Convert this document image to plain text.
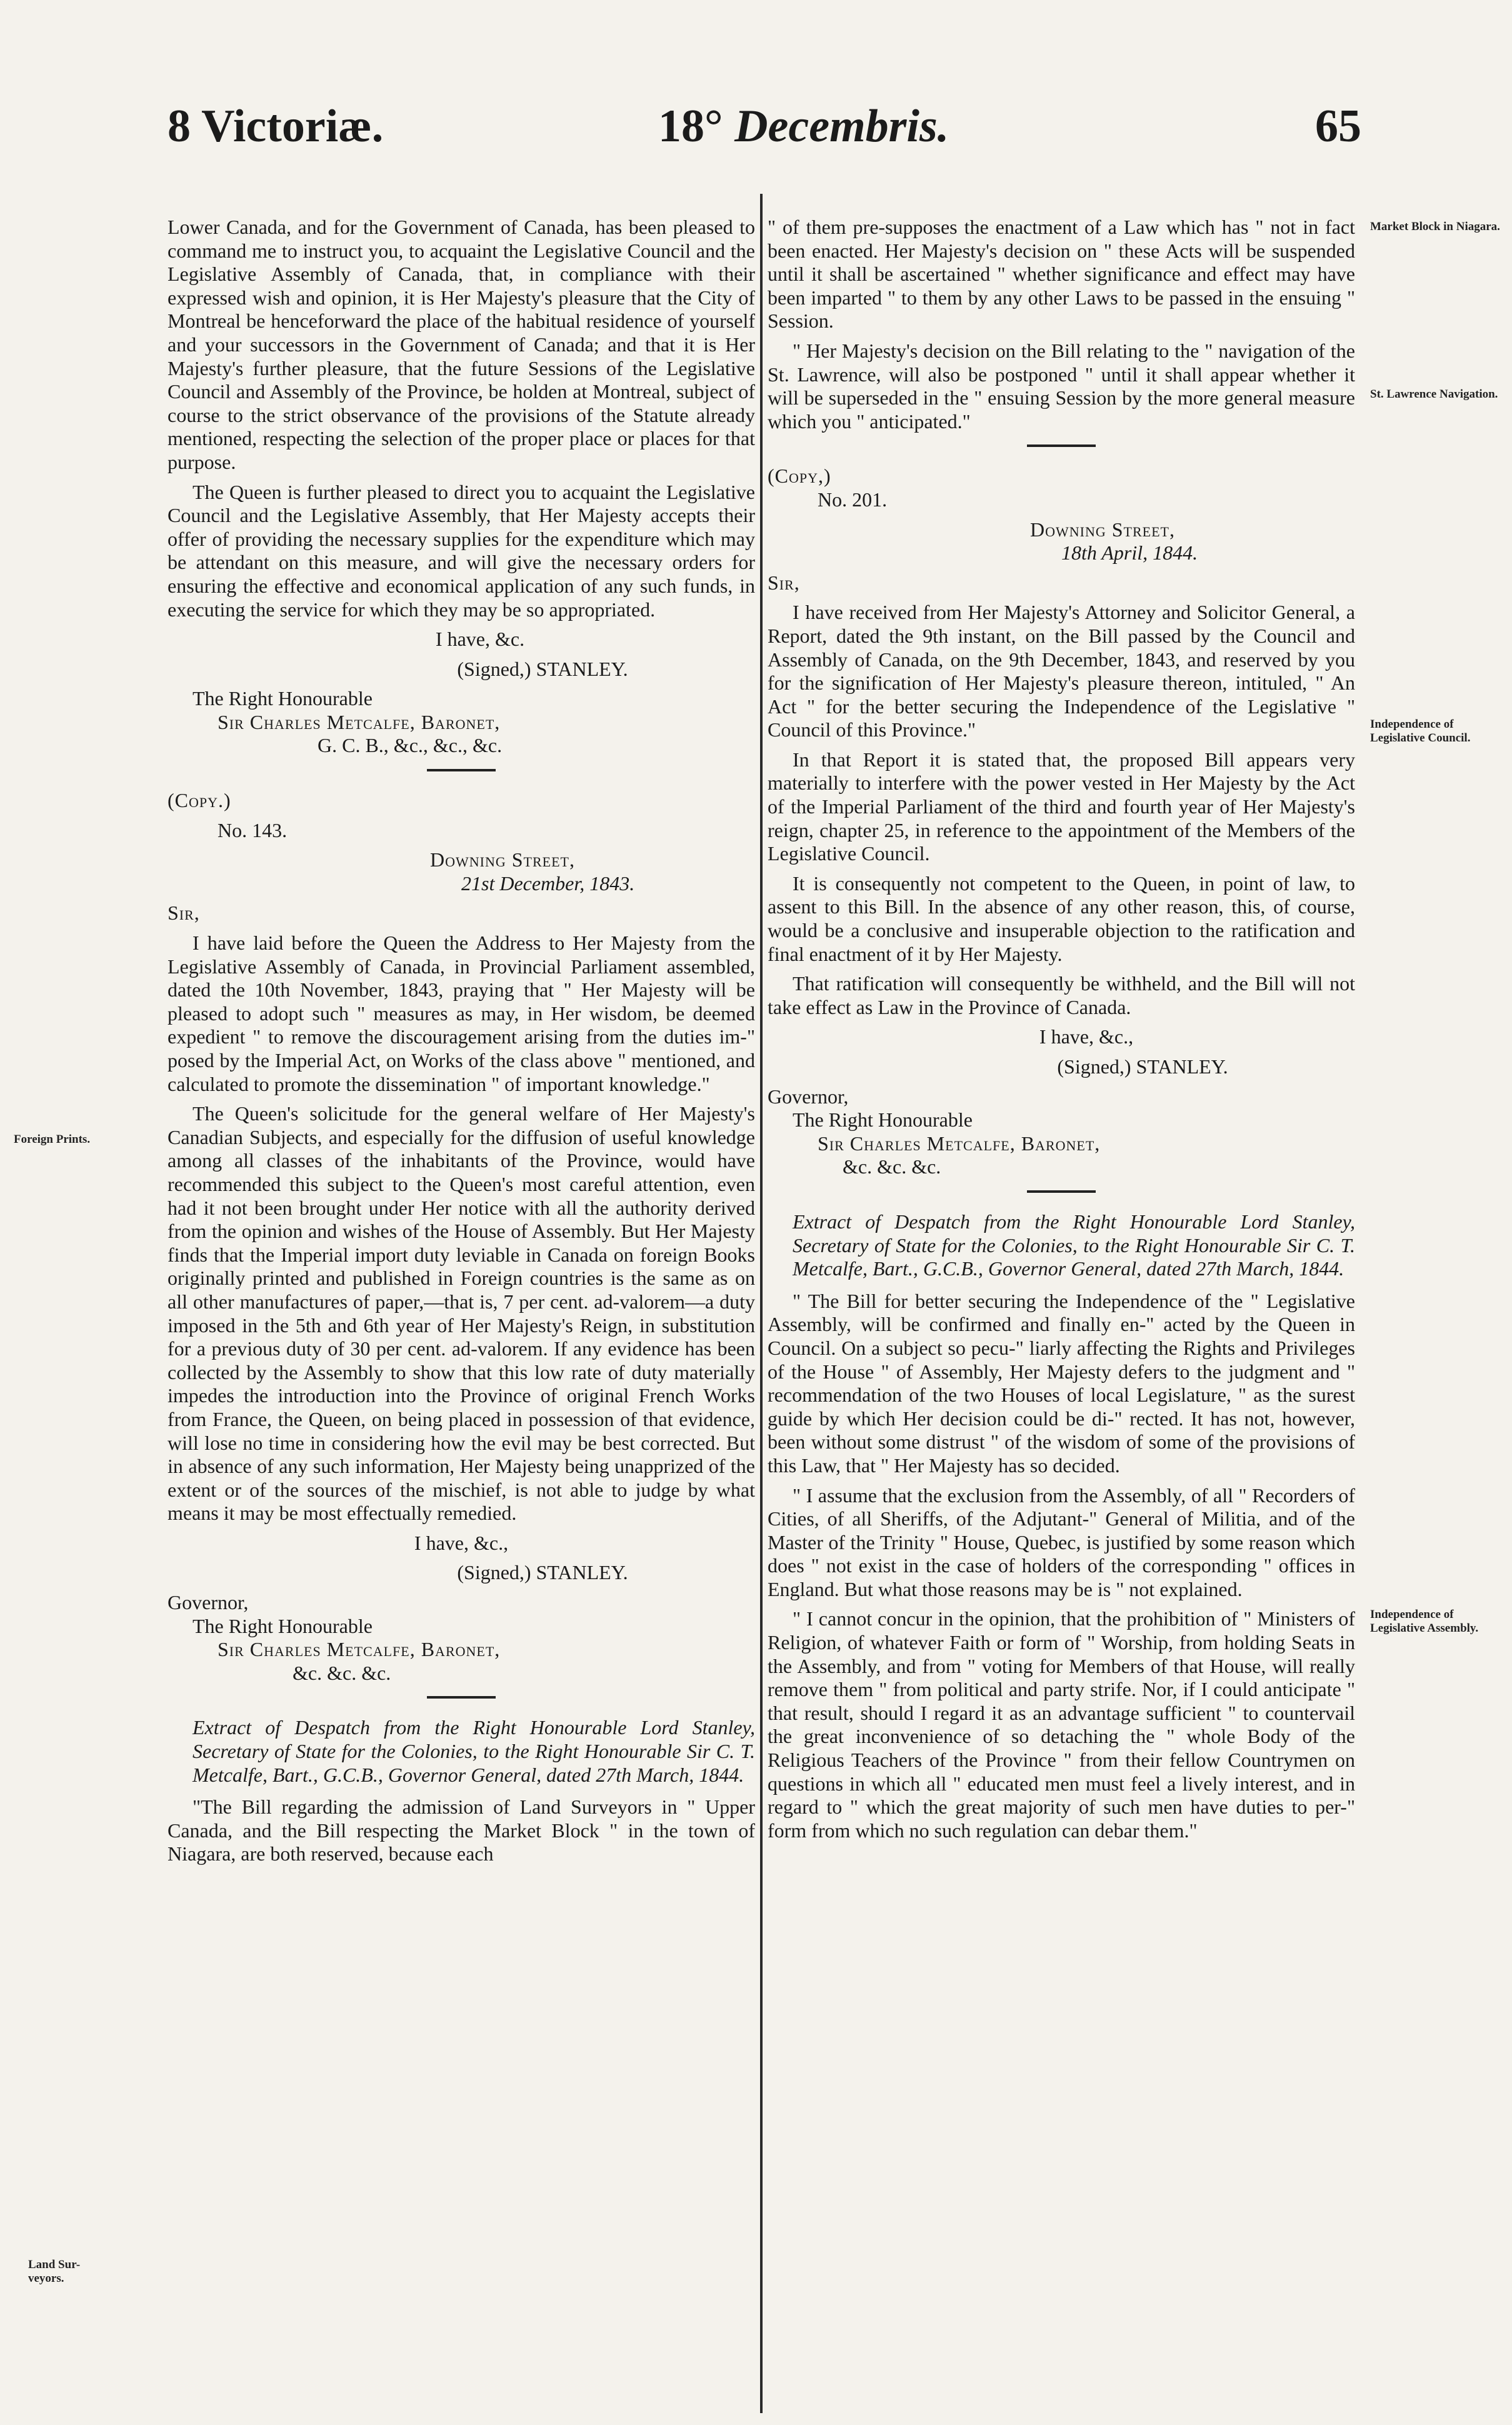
8 Victoriæ.	18° Decembris.	65
Foreign Prints.
Land Sur-veyors.
Market Block in Niagara.
St. Lawrence Navigation.
Independence of Legislative Council.
Independence of Legislative Assembly.

Lower Canada, and for the Government of Canada, has been pleased to command me to instruct you, to acquaint the Legislative Council and the Legislative Assembly of Canada, that, in compliance with their expressed wish and opinion, it is Her Majesty's pleasure that the City of Montreal be henceforward the place of the habitual residence of yourself and your successors in the Government of Canada; and that it is Her Majesty's further pleasure, that the future Sessions of the Legislative Council and Assembly of the Province, be holden at Montreal, subject of course to the strict observance of the provisions of the Statute already mentioned, respecting the selection of the proper place or places for that purpose.

The Queen is further pleased to direct you to acquaint the Legislative Council and the Legislative Assembly, that Her Majesty accepts their offer of providing the necessary supplies for the expenditure which may be attendant on this measure, and will give the necessary orders for ensuring the effective and economical application of any such funds, in executing the service for which they may be so appropriated.

I have, &c.

(Signed,) STANLEY.

The Right Honourable

Sir Charles Metcalfe, Baronet,

G. C. B., &c., &c., &c.

(Copy.)

No. 143.

Downing Street,

21st December, 1843.

Sir,

I have laid before the Queen the Address to Her Majesty from the Legislative Assembly of Canada, in Provincial Parliament assembled, dated the 10th November, 1843, praying that " Her Majesty will be pleased to adopt such " measures as may, in Her wisdom, be deemed expedient " to remove the discouragement arising from the duties im-" posed by the Imperial Act, on Works of the class above " mentioned, and calculated to promote the dissemination " of important knowledge."

The Queen's solicitude for the general welfare of Her Majesty's Canadian Subjects, and especially for the diffusion of useful knowledge among all classes of the inhabitants of the Province, would have recommended this subject to the Queen's most careful attention, even had it not been brought under Her notice with all the authority derived from the opinion and wishes of the House of Assembly. But Her Majesty finds that the Imperial import duty leviable in Canada on foreign Books originally printed and published in Foreign countries is the same as on all other manufactures of paper,—that is, 7 per cent. ad-valorem—a duty imposed in the 5th and 6th year of Her Majesty's Reign, in substitution for a previous duty of 30 per cent. ad-valorem. If any evidence has been collected by the Assembly to show that this low rate of duty materially impedes the introduction into the Province of original French Works from France, the Queen, on being placed in possession of that evidence, will lose no time in considering how the evil may be best corrected. But in absence of any such information, Her Majesty being unapprized of the extent or of the sources of the mischief, is not able to judge by what means it may be most effectually remedied.

I have, &c.,

(Signed,) STANLEY.

Governor,

The Right Honourable

Sir Charles Metcalfe, Baronet,

&c. &c. &c.

Extract of Despatch from the Right Honourable Lord Stanley, Secretary of State for the Colonies, to the Right Honourable Sir C. T. Metcalfe, Bart., G.C.B., Governor General, dated 27th March, 1844.

"The Bill regarding the admission of Land Surveyors in " Upper Canada, and the Bill respecting the Market Block " in the town of Niagara, are both reserved, because each

" of them pre-supposes the enactment of a Law which has " not in fact been enacted. Her Majesty's decision on " these Acts will be suspended until it shall be ascertained " whether significance and effect may have been imparted " to them by any other Laws to be passed in the ensuing " Session.

" Her Majesty's decision on the Bill relating to the " navigation of the St. Lawrence, will also be postponed " until it shall appear whether it will be superseded in the " ensuing Session by the more general measure which you " anticipated."

(Copy,)

No. 201.

Downing Street,

18th April, 1844.

Sir,

I have received from Her Majesty's Attorney and Solicitor General, a Report, dated the 9th instant, on the Bill passed by the Council and Assembly of Canada, on the 9th December, 1843, and reserved by you for the signification of Her Majesty's pleasure thereon, intituled, " An Act " for the better securing the Independence of the Legislative " Council of this Province."

In that Report it is stated that, the proposed Bill appears very materially to interfere with the power vested in Her Majesty by the Act of the Imperial Parliament of the third and fourth year of Her Majesty's reign, chapter 25, in reference to the appointment of the Members of the Legislative Council.

It is consequently not competent to the Queen, in point of law, to assent to this Bill. In the absence of any other reason, this, of course, would be a conclusive and insuperable objection to the ratification and final enactment of it by Her Majesty.

That ratification will consequently be withheld, and the Bill will not take effect as Law in the Province of Canada.

I have, &c.,

(Signed,) STANLEY.

Governor,

The Right Honourable

Sir Charles Metcalfe, Baronet,

&c. &c. &c.

Extract of Despatch from the Right Honourable Lord Stanley, Secretary of State for the Colonies, to the Right Honourable Sir C. T. Metcalfe, Bart., G.C.B., Governor General, dated 27th March, 1844.

" The Bill for better securing the Independence of the " Legislative Assembly, will be confirmed and finally en-" acted by the Queen in Council. On a subject so pecu-" liarly affecting the Rights and Privileges of the House " of Assembly, Her Majesty defers to the judgment and " recommendation of the two Houses of local Legislature, " as the surest guide by which Her decision could be di-" rected. It has not, however, been without some distrust " of the wisdom of some of the provisions of this Law, that " Her Majesty has so decided.

" I assume that the exclusion from the Assembly, of all " Recorders of Cities, of all Sheriffs, of the Adjutant-" General of Militia, and of the Master of the Trinity " House, Quebec, is justified by some reason which does " not exist in the case of holders of the corresponding " offices in England. But what those reasons may be is " not explained.

" I cannot concur in the opinion, that the prohibition of " Ministers of Religion, of whatever Faith or form of " Worship, from holding Seats in the Assembly, and from " voting for Members of that House, will really remove them " from political and party strife. Nor, if I could anticipate " that result, should I regard it as an advantage sufficient " to countervail the great inconvenience of so detaching the " whole Body of the Religious Teachers of the Province " from their fellow Countrymen on questions in which all " educated men must feel a lively interest, and in regard to " which the great majority of such men have duties to per-" form from which no such regulation can debar them."
